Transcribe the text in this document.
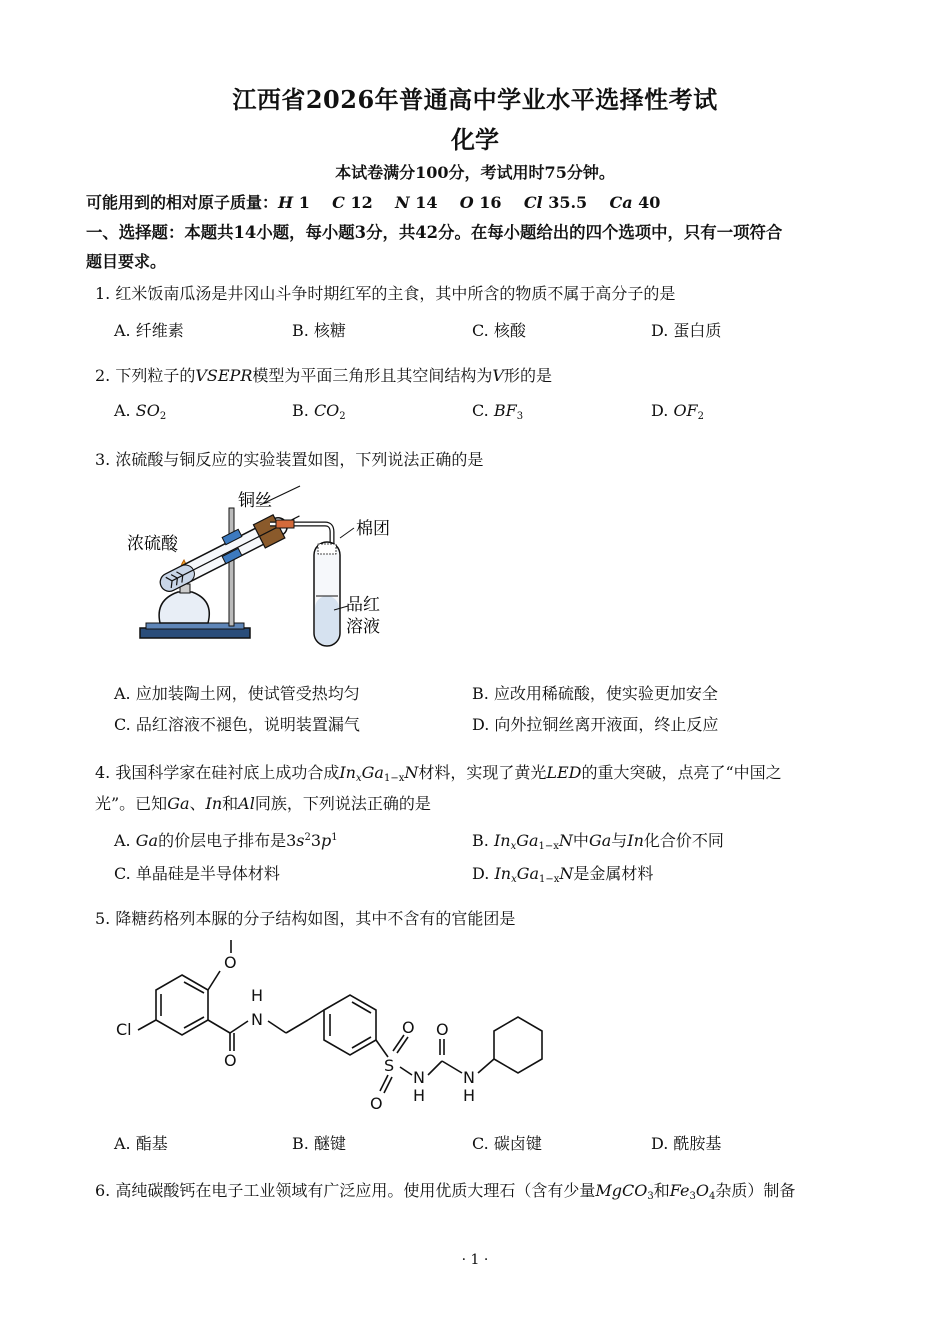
江西省2026年普通高中学业水平选择性考试
化学
本试卷满分100分，考试用时75分钟。
可能用到的相对原子质量：H 1 C 12 N 14 O 16 Cl 35.5 Ca 40
一、选择题：本题共14小题，每小题3分，共42分。在每小题给出的四个选项中，只有一项符合
题目要求。
1. 红米饭南瓜汤是井冈山斗争时期红军的主食，其中所含的物质不属于高分子的是
A. 纤维素	B. 核糖	C. 核酸	D. 蛋白质
2. 下列粒子的VSEPR模型为平面三角形且其空间结构为V形的是
A. $SO_2$	B. $CO_2$	C. $BF_3$	D. $OF_2$
3. 浓硫酸与铜反应的实验装置如图，下列说法正确的是
铜丝
浓硫酸
棉团
品红
溶液
A. 应加装陶土网，使试管受热均匀	B. 应改用稀硫酸，使实验更加安全
C. 品红溶液不褪色，说明装置漏气	D. 向外拉铜丝离开液面，终止反应
4. 我国科学家在硅衬底上成功合成$In_xGa_{1-x}N$材料，实现了黄光LED的重大突破，点亮了“中国之
光”。已知Ga、In和Al同族，下列说法正确的是
A. Ga的价层电子排布是$3s^23p^1$	B. $In_xGa_{1-x}N$中Ga与In化合价不同
C. 单晶硅是半导体材料	D. $In_xGa_{1-x}N$是金属材料
5. 降糖药格列本脲的分子结构如图，其中不含有的官能团是
Cl
O
O
H
N
S
O
O
N
H
O
N
H
A. 酯基	B. 醚键	C. 碳卤键	D. 酰胺基
6. 高纯碳酸钙在电子工业领域有广泛应用。使用优质大理石（含有少量MgCO$_3$和$Fe_3O_4$杂质）制备
· 1 ·
